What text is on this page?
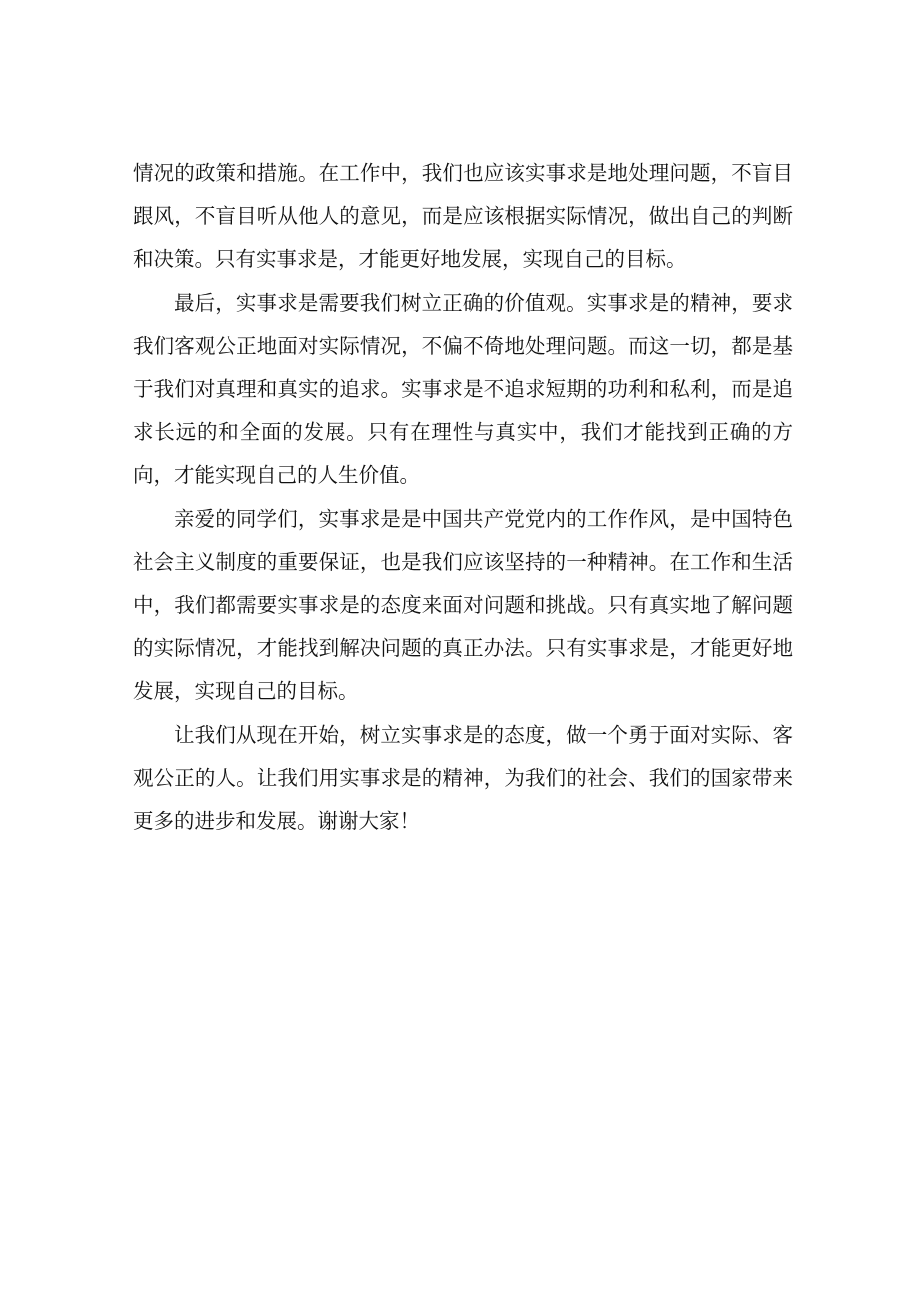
情况的政策和措施。在工作中，我们也应该实事求是地处理问题，不盲目跟风，不盲目听从他人的意见，而是应该根据实际情况，做出自己的判断和决策。只有实事求是，才能更好地发展，实现自己的目标。

最后，实事求是需要我们树立正确的价值观。实事求是的精神，要求我们客观公正地面对实际情况，不偏不倚地处理问题。而这一切，都是基于我们对真理和真实的追求。实事求是不追求短期的功利和私利，而是追求长远的和全面的发展。只有在理性与真实中，我们才能找到正确的方向，才能实现自己的人生价值。

亲爱的同学们，实事求是是中国共产党党内的工作作风，是中国特色社会主义制度的重要保证，也是我们应该坚持的一种精神。在工作和生活中，我们都需要实事求是的态度来面对问题和挑战。只有真实地了解问题的实际情况，才能找到解决问题的真正办法。只有实事求是，才能更好地发展，实现自己的目标。

让我们从现在开始，树立实事求是的态度，做一个勇于面对实际、客观公正的人。让我们用实事求是的精神，为我们的社会、我们的国家带来更多的进步和发展。谢谢大家！
